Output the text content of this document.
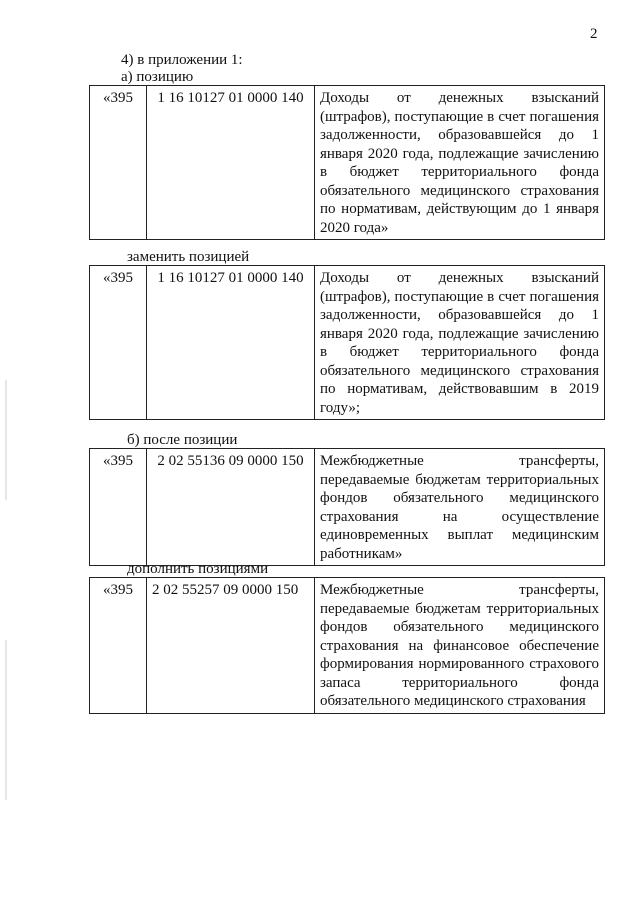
2
4) в приложении 1:
а) позицию
«395	1 16 10127 01 0000 140	Доходы от денежных взысканий (штрафов), поступающие в счет погашения задолженности, образовавшейся до 1 января 2020 года, подлежащие зачислению в бюджет территориального фонда обязательного медицинского страхования по нормативам, действующим до 1 января 2020 года»
заменить позицией
«395	1 16 10127 01 0000 140	Доходы от денежных взысканий (штрафов), поступающие в счет погашения задолженности, образовавшейся до 1 января 2020 года, подлежащие зачислению в бюджет территориального фонда обязательного медицинского страхования по нормативам, действовавшим в 2019 году»;
б) после позиции
«395	2 02 55136 09 0000 150	Межбюджетные трансферты, передаваемые бюджетам территориальных фондов обязательного медицинского страхования на осуществление единовременных выплат медицинским работникам»
дополнить позициями
«395	2 02 55257 09 0000 150	Межбюджетные трансферты, передаваемые бюджетам территориальных фондов обязательного медицинского страхования на финансовое обеспечение формирования нормированного страхового запаса территориального фонда обязательного медицинского страхования
